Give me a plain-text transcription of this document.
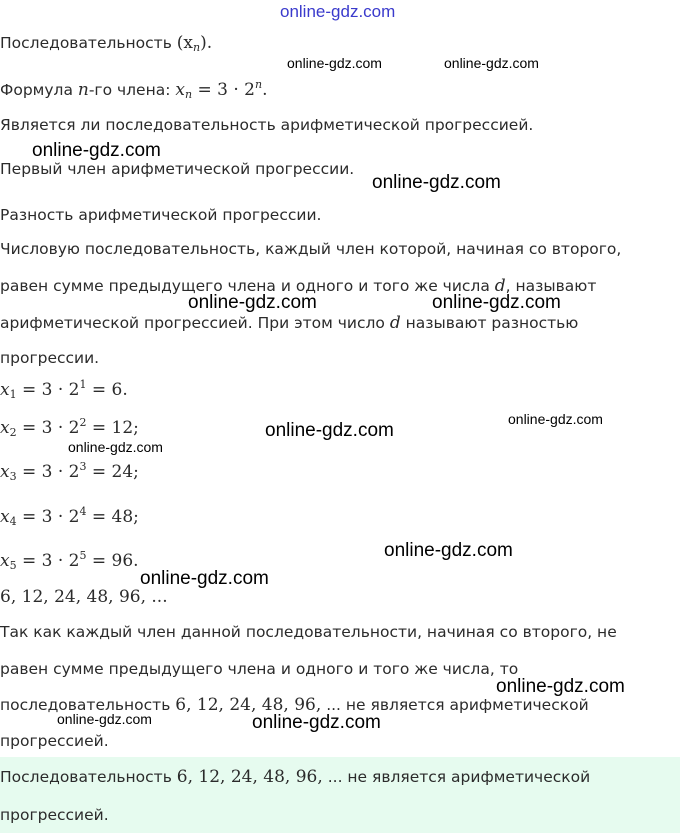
online-gdz.com
Последовательность $(x_n)$.
Формула n-го члена: $x_n = 3 \cdot 2^n$.
Является ли последовательность арифметической прогрессией.
Первый член арифметической прогрессии.
Разность арифметической прогрессии.
Числовую последовательность, каждый член которой, начиная со второго,
равен сумме предыдущего члена и одного и того же числа d, называют
арифметической прогрессией. При этом число d называют разностью
прогрессии.
$x_1 = 3 \cdot 2^1 = 6$.
$x_2 = 3 \cdot 2^2 = 12$;
$x_3 = 3 \cdot 2^3 = 24$;
$x_4 = 3 \cdot 2^4 = 48$;
$x_5 = 3 \cdot 2^5 = 96$.
6, 12, 24, 48, 96, ...
Так как каждый член данной последовательности, начиная со второго, не
равен сумме предыдущего члена и одного и того же числа, то
последовательность 6, 12, 24, 48, 96, ... не является арифметической
прогрессией.
Последовательность 6, 12, 24, 48, 96, ... не является арифметической
прогрессией.
online-gdz.com	online-gdz.com
online-gdz.com
online-gdz.com
online-gdz.com	online-gdz.com
online-gdz.com
online-gdz.com
online-gdz.com
online-gdz.com
online-gdz.com
online-gdz.com
online-gdz.com	online-gdz.com
